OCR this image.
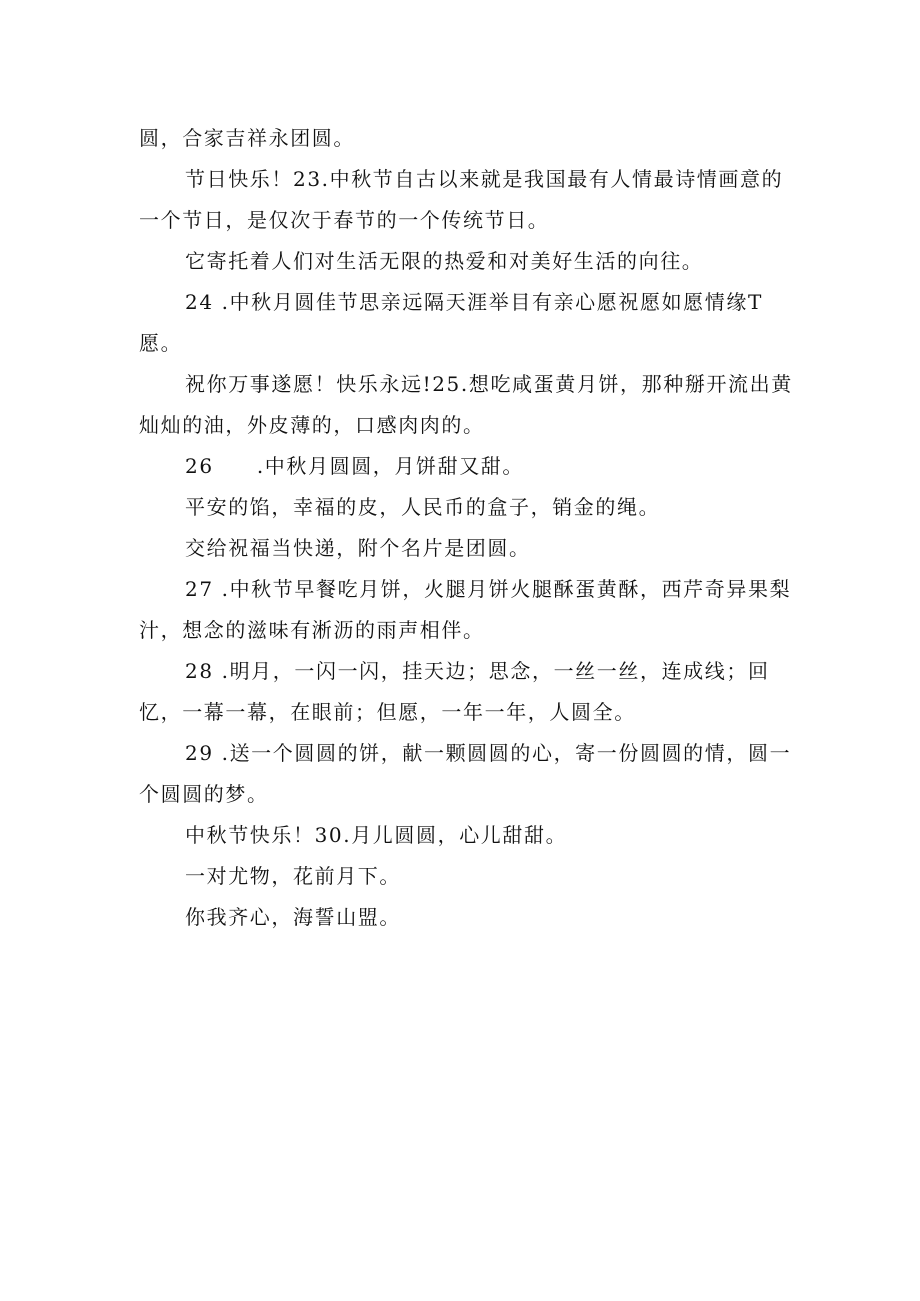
圆，合家吉祥永团圆。

节日快乐！23.中秋节自古以来就是我国最有人情最诗情画意的一个节日，是仅次于春节的一个传统节日。

它寄托着人们对生活无限的热爱和对美好生活的向往。

24 .中秋月圆佳节思亲远隔天涯举目有亲心愿祝愿如愿情缘T愿。

祝你万事遂愿！快乐永远!25.想吃咸蛋黄月饼，那种掰开流出黄灿灿的油，外皮薄的，口感肉肉的。

26　　.中秋月圆圆，月饼甜又甜。

平安的馅，幸福的皮，人民币的盒子，销金的绳。

交给祝福当快递，附个名片是团圆。

27 .中秋节早餐吃月饼，火腿月饼火腿酥蛋黄酥，西芹奇异果梨汁，想念的滋味有淅沥的雨声相伴。

28 .明月，一闪一闪，挂天边；思念，一丝一丝，连成线；回忆，一幕一幕，在眼前；但愿，一年一年，人圆全。

29 .送一个圆圆的饼，献一颗圆圆的心，寄一份圆圆的情，圆一个圆圆的梦。

中秋节快乐！30.月儿圆圆，心儿甜甜。

一对尤物，花前月下。

你我齐心，海誓山盟。
